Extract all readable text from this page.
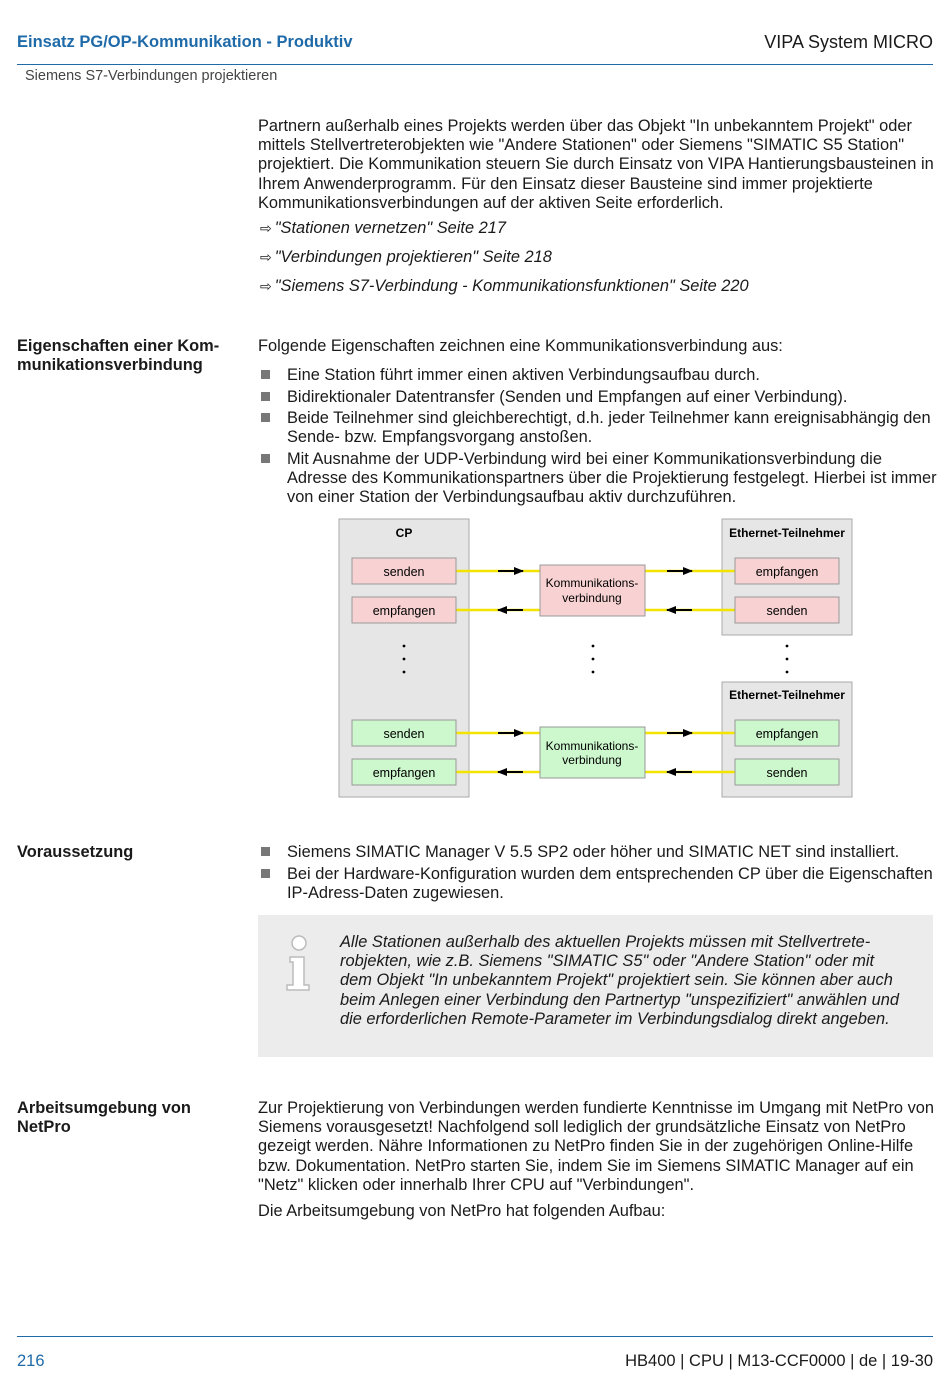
Einsatz PG/OP-Kommunikation - Produktiv	VIPA System MICRO
Siemens S7-Verbindungen projektieren
Partnern außerhalb eines Projekts werden über das Objekt "In unbekanntem Projekt" oder mittels Stellvertreterobjekten wie "Andere Stationen" oder Siemens "SIMATIC S5 Station" projektiert. Die Kommunikation steuern Sie durch Einsatz von VIPA Hantierungsbausteinen in Ihrem Anwenderprogramm. Für den Einsatz dieser Bausteine sind immer projektierte Kommunikationsverbindungen auf der aktiven Seite erforderlich.
⇨ "Stationen vernetzen" Seite 217
⇨ "Verbindungen projektieren" Seite 218
⇨ "Siemens S7-Verbindung - Kommunikationsfunktionen" Seite 220
Eigenschaften einer Kommunikationsverbindung
Folgende Eigenschaften zeichnen eine Kommunikationsverbindung aus:
Eine Station führt immer einen aktiven Verbindungsaufbau durch.
Bidirektionaler Datentransfer (Senden und Empfangen auf einer Verbindung).
Beide Teilnehmer sind gleichberechtigt, d.h. jeder Teilnehmer kann ereignisabhängig den Sende- bzw. Empfangsvorgang anstoßen.
Mit Ausnahme der UDP-Verbindung wird bei einer Kommunikationsverbindung die Adresse des Kommunikationspartners über die Projektierung festgelegt. Hierbei ist immer von einer Station der Verbindungsaufbau aktiv durchzuführen.
CP	Ethernet-Teilnehmer
Ethernet-Teilnehmer
senden
empfangen
Kommunikations-
verbindung
empfangen
senden
senden
empfangen
Kommunikations-
verbindung
empfangen
senden
Voraussetzung	Siemens SIMATIC Manager V 5.5 SP2 oder höher und SIMATIC NET sind installiert.
Bei der Hardware-Konfiguration wurden dem entsprechenden CP über die Eigenschaften IP-Adress-Daten zugewiesen.
Alle Stationen außerhalb des aktuellen Projekts müssen mit Stellvertreterobjekten, wie z.B. Siemens "SIMATIC S5" oder "Andere Station" oder mit dem Objekt "In unbekanntem Projekt" projektiert sein. Sie können aber auch beim Anlegen einer Verbindung den Partnertyp "unspezifiziert" anwählen und die erforderlichen Remote-Parameter im Verbindungsdialog direkt angeben.
Arbeitsumgebung von NetPro
Zur Projektierung von Verbindungen werden fundierte Kenntnisse im Umgang mit NetPro von Siemens vorausgesetzt! Nachfolgend soll lediglich der grundsätzliche Einsatz von NetPro gezeigt werden. Nähre Informationen zu NetPro finden Sie in der zugehörigen Online-Hilfe bzw. Dokumentation. NetPro starten Sie, indem Sie im Siemens SIMATIC Manager auf ein "Netz" klicken oder innerhalb Ihrer CPU auf "Verbindungen".
Die Arbeitsumgebung von NetPro hat folgenden Aufbau:
216	HB400 | CPU | M13-CCF0000 | de | 19-30
